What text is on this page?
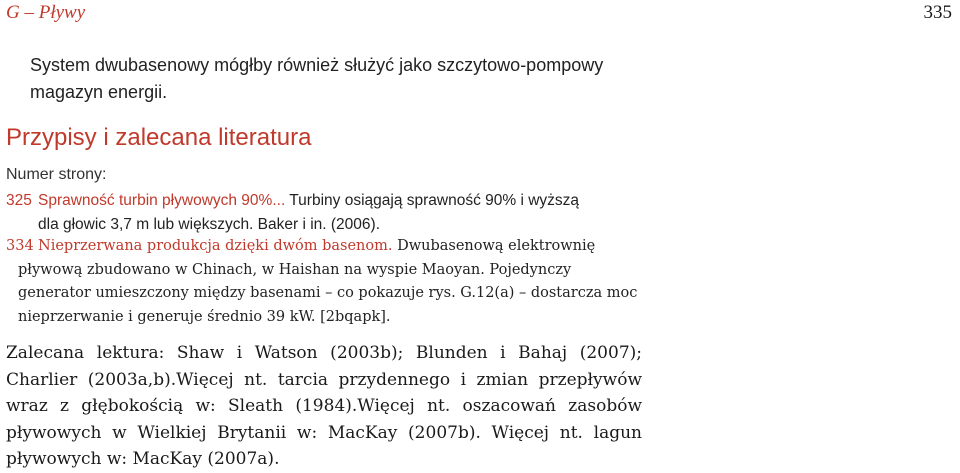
G – Pływy	335
System dwubasenowy mógłby również służyć jako szczytowo-pompowy magazyn energii.
Przypisy i zalecana literatura
Numer strony:
325 Sprawność turbin pływowych 90%... Turbiny osiągają sprawność 90% i wyższą
dla głowic 3,7 m lub większych. Baker i in. (2006).
334 Nieprzerwana produkcja dzięki dwóm basenom. Dwubasenową elektrownię
pływową zbudowano w Chinach, w Haishan na wyspie Maoyan. Pojedynczy generator umieszczony między basenami – co pokazuje rys. G.12(a) – dostarcza moc nieprzerwanie i generuje średnio 39 kW. [2bqapk].
Zalecana lektura: Shaw i Watson (2003b); Blunden i Bahaj (2007); Charlier (2003a,b).Więcej nt. tarcia przydennego i zmian przepływów wraz z głębokością w: Sleath (1984).Więcej nt. oszacowań zasobów pływowych w Wielkiej Brytanii w: MacKay (2007b). Więcej nt. lagun pływowych w: MacKay (2007a).
